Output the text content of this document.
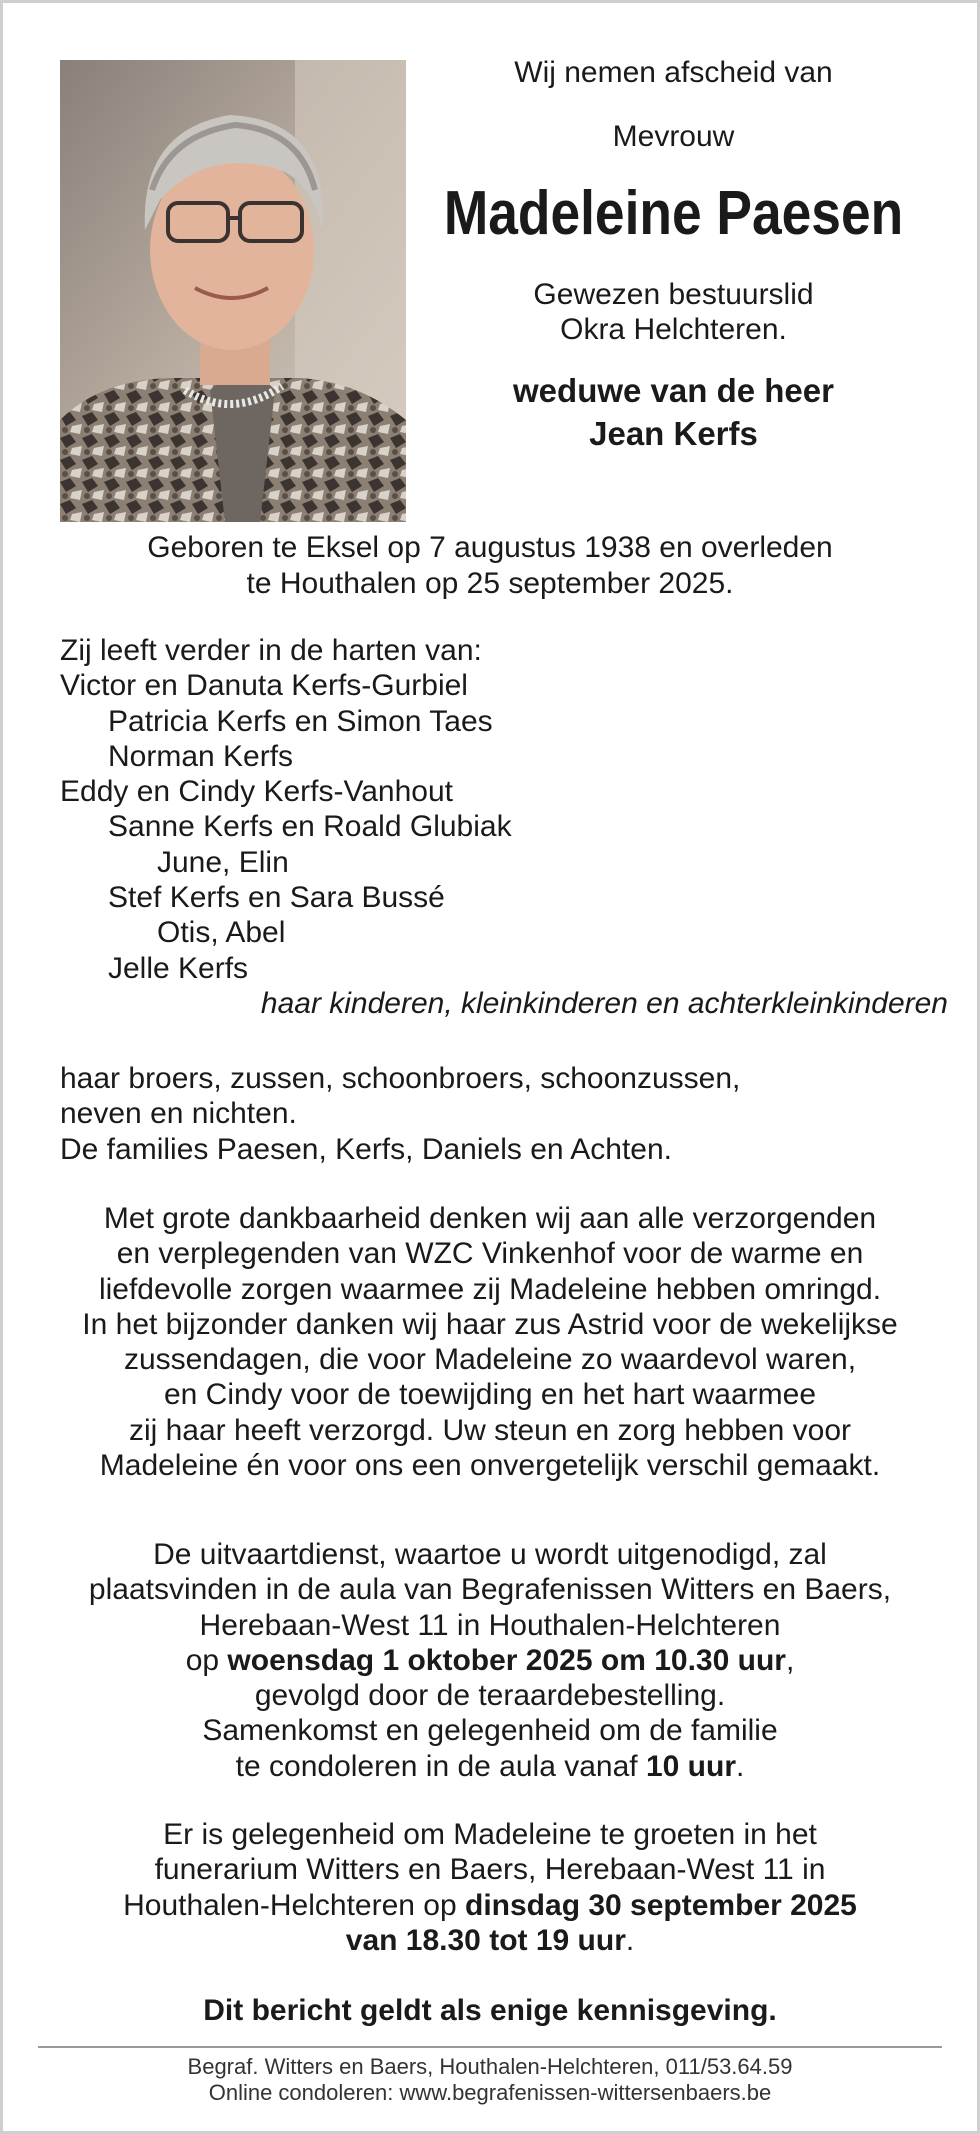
Wij nemen afscheid van
Mevrouw
Madeleine Paesen
Gewezen bestuurslid
Okra Helchteren.
weduwe van de heer
Jean Kerfs
Geboren te Eksel op 7 augustus 1938 en overleden
te Houthalen op 25 september 2025.
Zij leeft verder in de harten van:
Victor en Danuta Kerfs-Gurbiel
Patricia Kerfs en Simon Taes
Norman Kerfs
Eddy en Cindy Kerfs-Vanhout
Sanne Kerfs en Roald Glubiak
June, Elin
Stef Kerfs en Sara Bussé
Otis, Abel
Jelle Kerfs
haar kinderen, kleinkinderen en achterkleinkinderen
haar broers, zussen, schoonbroers, schoonzussen,
neven en nichten.
De families Paesen, Kerfs, Daniels en Achten.
Met grote dankbaarheid denken wij aan alle verzorgenden
en verplegenden van WZC Vinkenhof voor de warme en
liefdevolle zorgen waarmee zij Madeleine hebben omringd.
In het bijzonder danken wij haar zus Astrid voor de wekelijkse
zussendagen, die voor Madeleine zo waardevol waren,
en Cindy voor de toewijding en het hart waarmee
zij haar heeft verzorgd. Uw steun en zorg hebben voor
Madeleine én voor ons een onvergetelijk verschil gemaakt.
De uitvaartdienst, waartoe u wordt uitgenodigd, zal
plaatsvinden in de aula van Begrafenissen Witters en Baers,
Herebaan-West 11 in Houthalen-Helchteren
op woensdag 1 oktober 2025 om 10.30 uur,
gevolgd door de teraardebestelling.
Samenkomst en gelegenheid om de familie
te condoleren in de aula vanaf 10 uur.
Er is gelegenheid om Madeleine te groeten in het
funerarium Witters en Baers, Herebaan-West 11 in
Houthalen-Helchteren op dinsdag 30 september 2025
van 18.30 tot 19 uur.
Dit bericht geldt als enige kennisgeving.
Begraf. Witters en Baers, Houthalen-Helchteren, 011/53.64.59
Online condoleren: www.begrafenissen-wittersenbaers.be
